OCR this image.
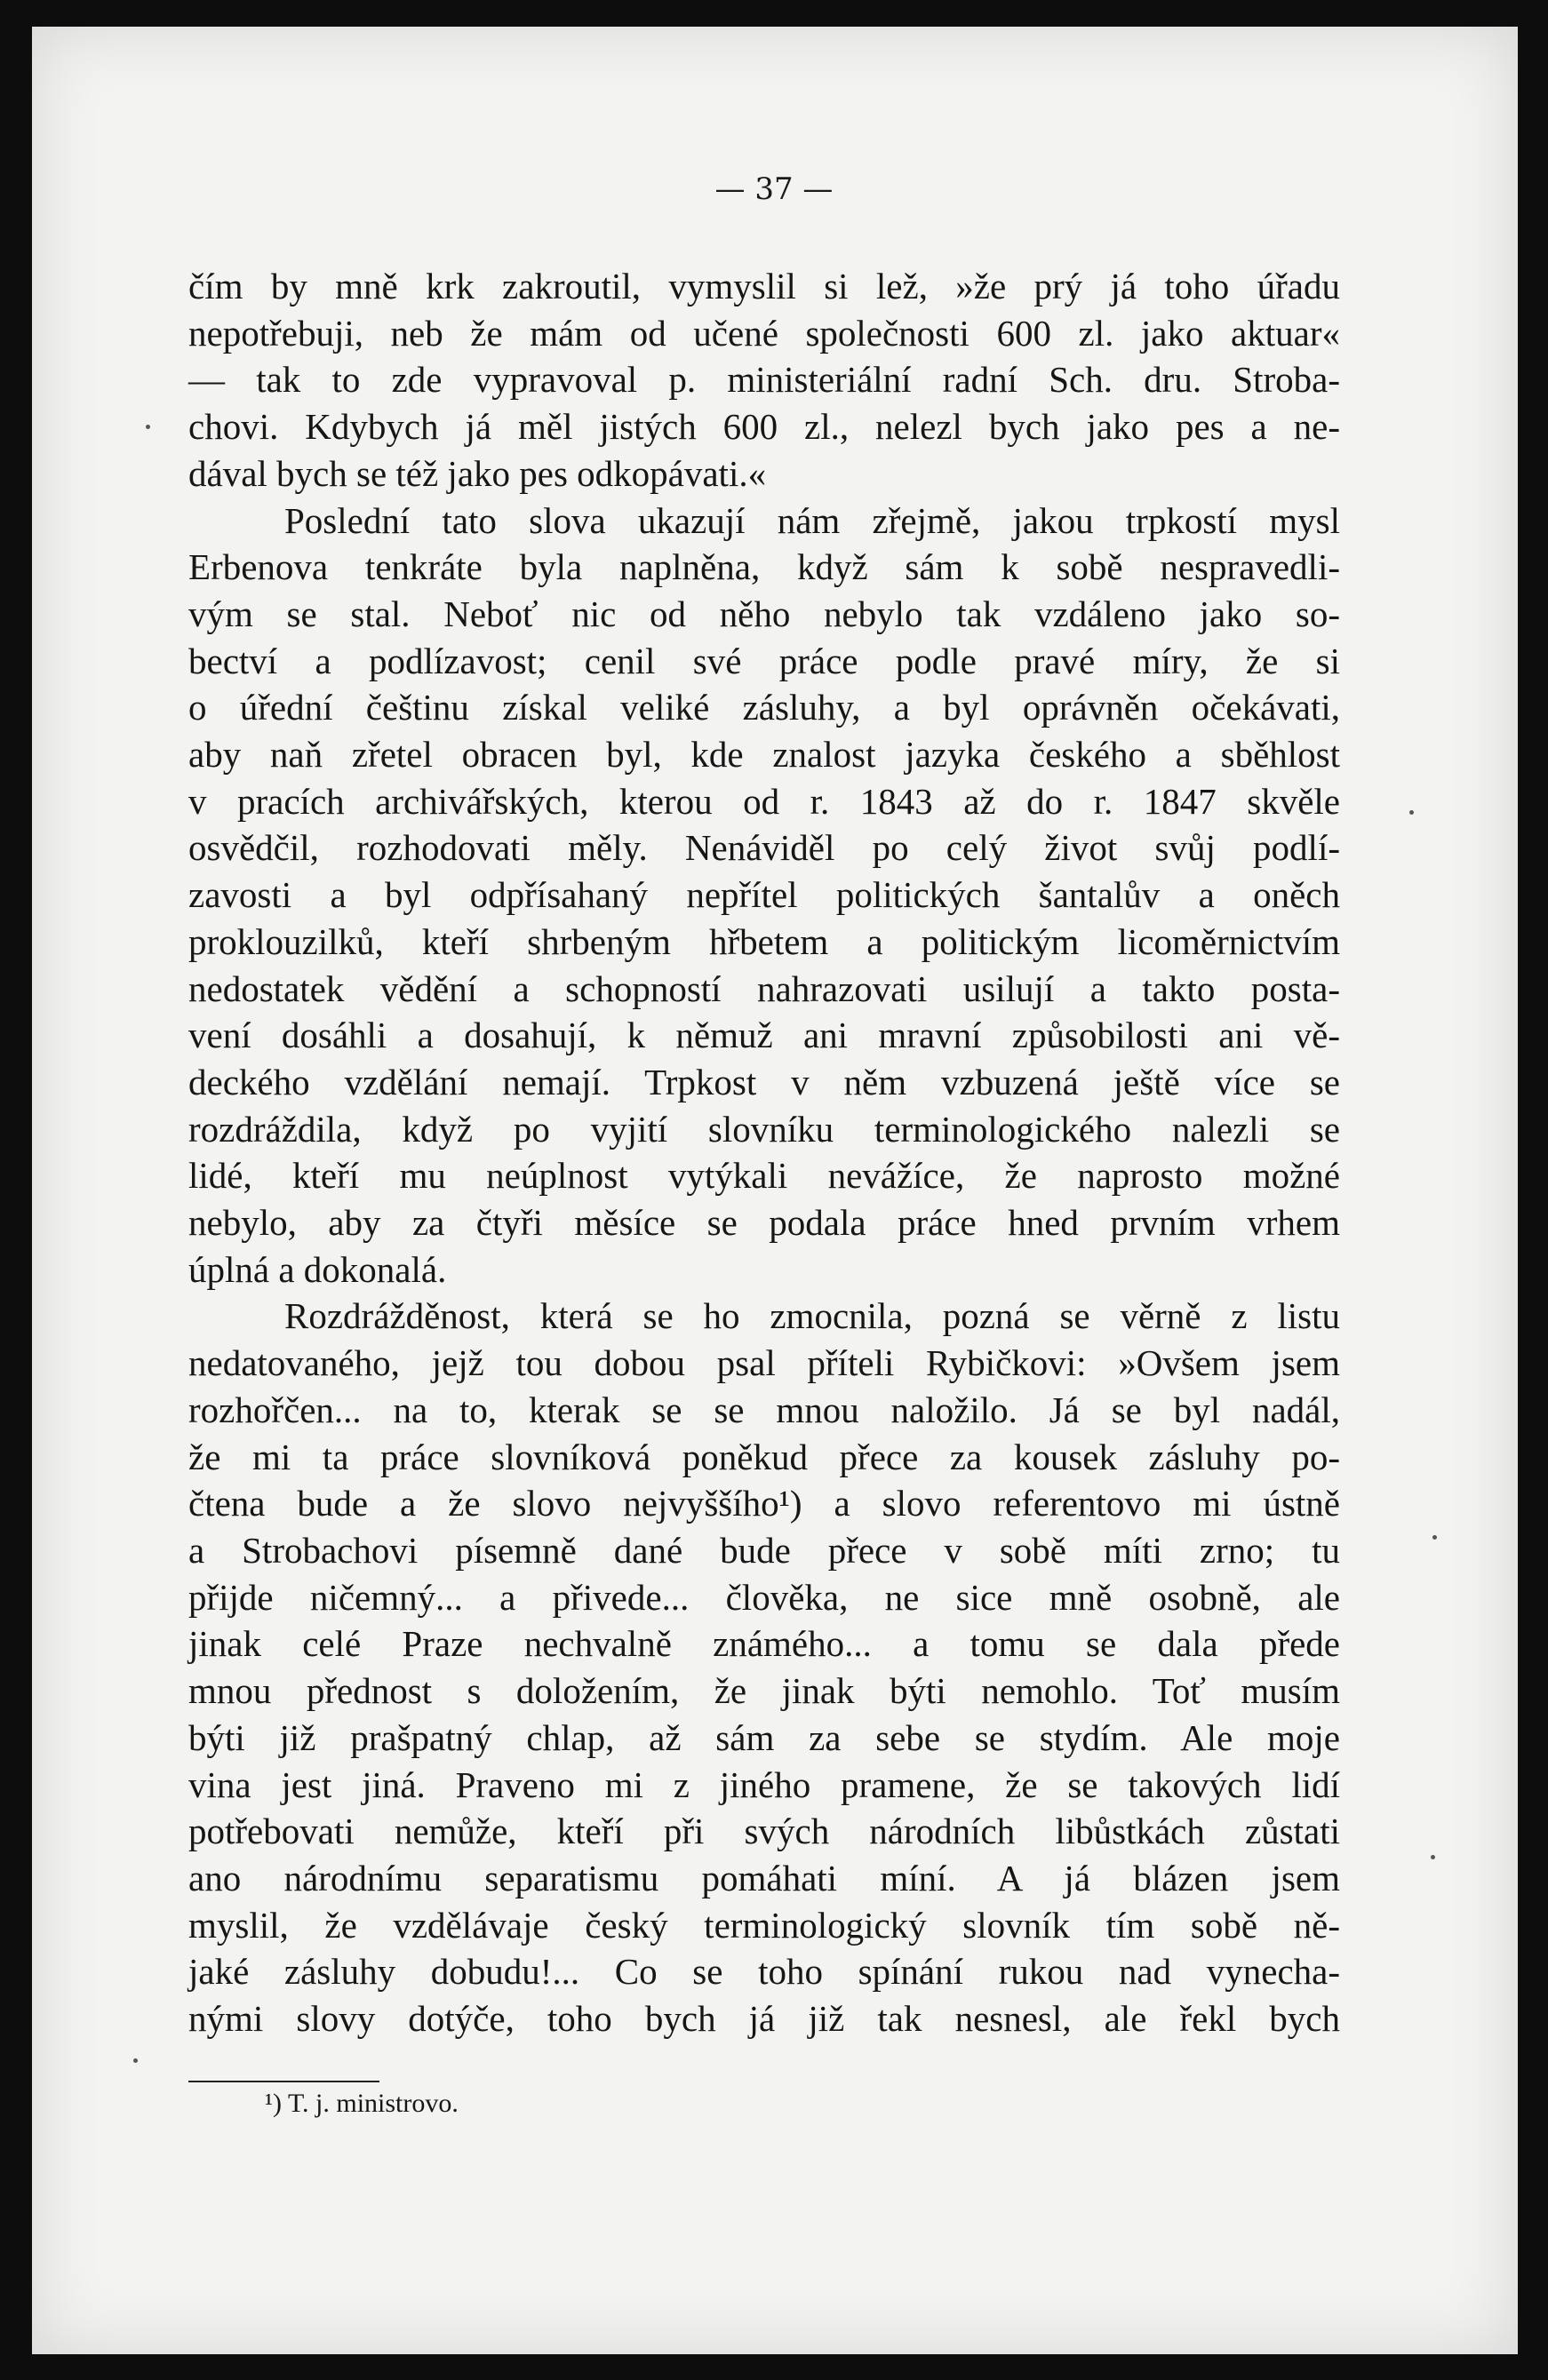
— 37 —
čím by mně krk zakroutil, vymyslil si lež, »že prý já toho úřadu
nepotřebuji, neb že mám od učené společnosti 600 zl. jako aktuar«
— tak to zde vypravoval p. ministeriální radní Sch. dru. Stroba-
chovi. Kdybych já měl jistých 600 zl., nelezl bych jako pes a ne-
dával bych se též jako pes odkopávati.«
Poslední tato slova ukazují nám zřejmě, jakou trpkostí mysl
Erbenova tenkráte byla naplněna, když sám k sobě nespravedli-
vým se stal. Neboť nic od něho nebylo tak vzdáleno jako so-
bectví a podlízavost; cenil své práce podle pravé míry, že si
o úřední češtinu získal veliké zásluhy, a byl oprávněn očekávati,
aby naň zřetel obracen byl, kde znalost jazyka českého a sběhlost
v pracích archivářských, kterou od r. 1843 až do r. 1847 skvěle
osvědčil, rozhodovati měly. Nenáviděl po celý život svůj podlí-
zavosti a byl odpřísahaný nepřítel politických šantalův a oněch
proklouzilků, kteří shrbeným hřbetem a politickým licoměrnictvím
nedostatek vědění a schopností nahrazovati usilují a takto posta-
vení dosáhli a dosahují, k němuž ani mravní způsobilosti ani vě-
deckého vzdělání nemají. Trpkost v něm vzbuzená ještě více se
rozdráždila, když po vyjití slovníku terminologického nalezli se
lidé, kteří mu neúplnost vytýkali nevážíce, že naprosto možné
nebylo, aby za čtyři měsíce se podala práce hned prvním vrhem
úplná a dokonalá.
Rozdrážděnost, která se ho zmocnila, pozná se věrně z listu
nedatovaného, jejž tou dobou psal příteli Rybičkovi: »Ovšem jsem
rozhořčen... na to, kterak se se mnou naložilo. Já se byl nadál,
že mi ta práce slovníková poněkud přece za kousek zásluhy po-
čtena bude a že slovo nejvyššího¹) a slovo referentovo mi ústně
a Strobachovi písemně dané bude přece v sobě míti zrno; tu
přijde ničemný... a přivede... člověka, ne sice mně osobně, ale
jinak celé Praze nechvalně známého... a tomu se dala přede
mnou přednost s doložením, že jinak býti nemohlo. Toť musím
býti již prašpatný chlap, až sám za sebe se stydím. Ale moje
vina jest jiná. Praveno mi z jiného pramene, že se takových lidí
potřebovati nemůže, kteří při svých národních libůstkách zůstati
ano národnímu separatismu pomáhati míní. A já blázen jsem
myslil, že vzdělávaje český terminologický slovník tím sobě ně-
jaké zásluhy dobudu!... Co se toho spínání rukou nad vynecha-
nými slovy dotýče, toho bych já již tak nesnesl, ale řekl bych
¹) T. j. ministrovo.
